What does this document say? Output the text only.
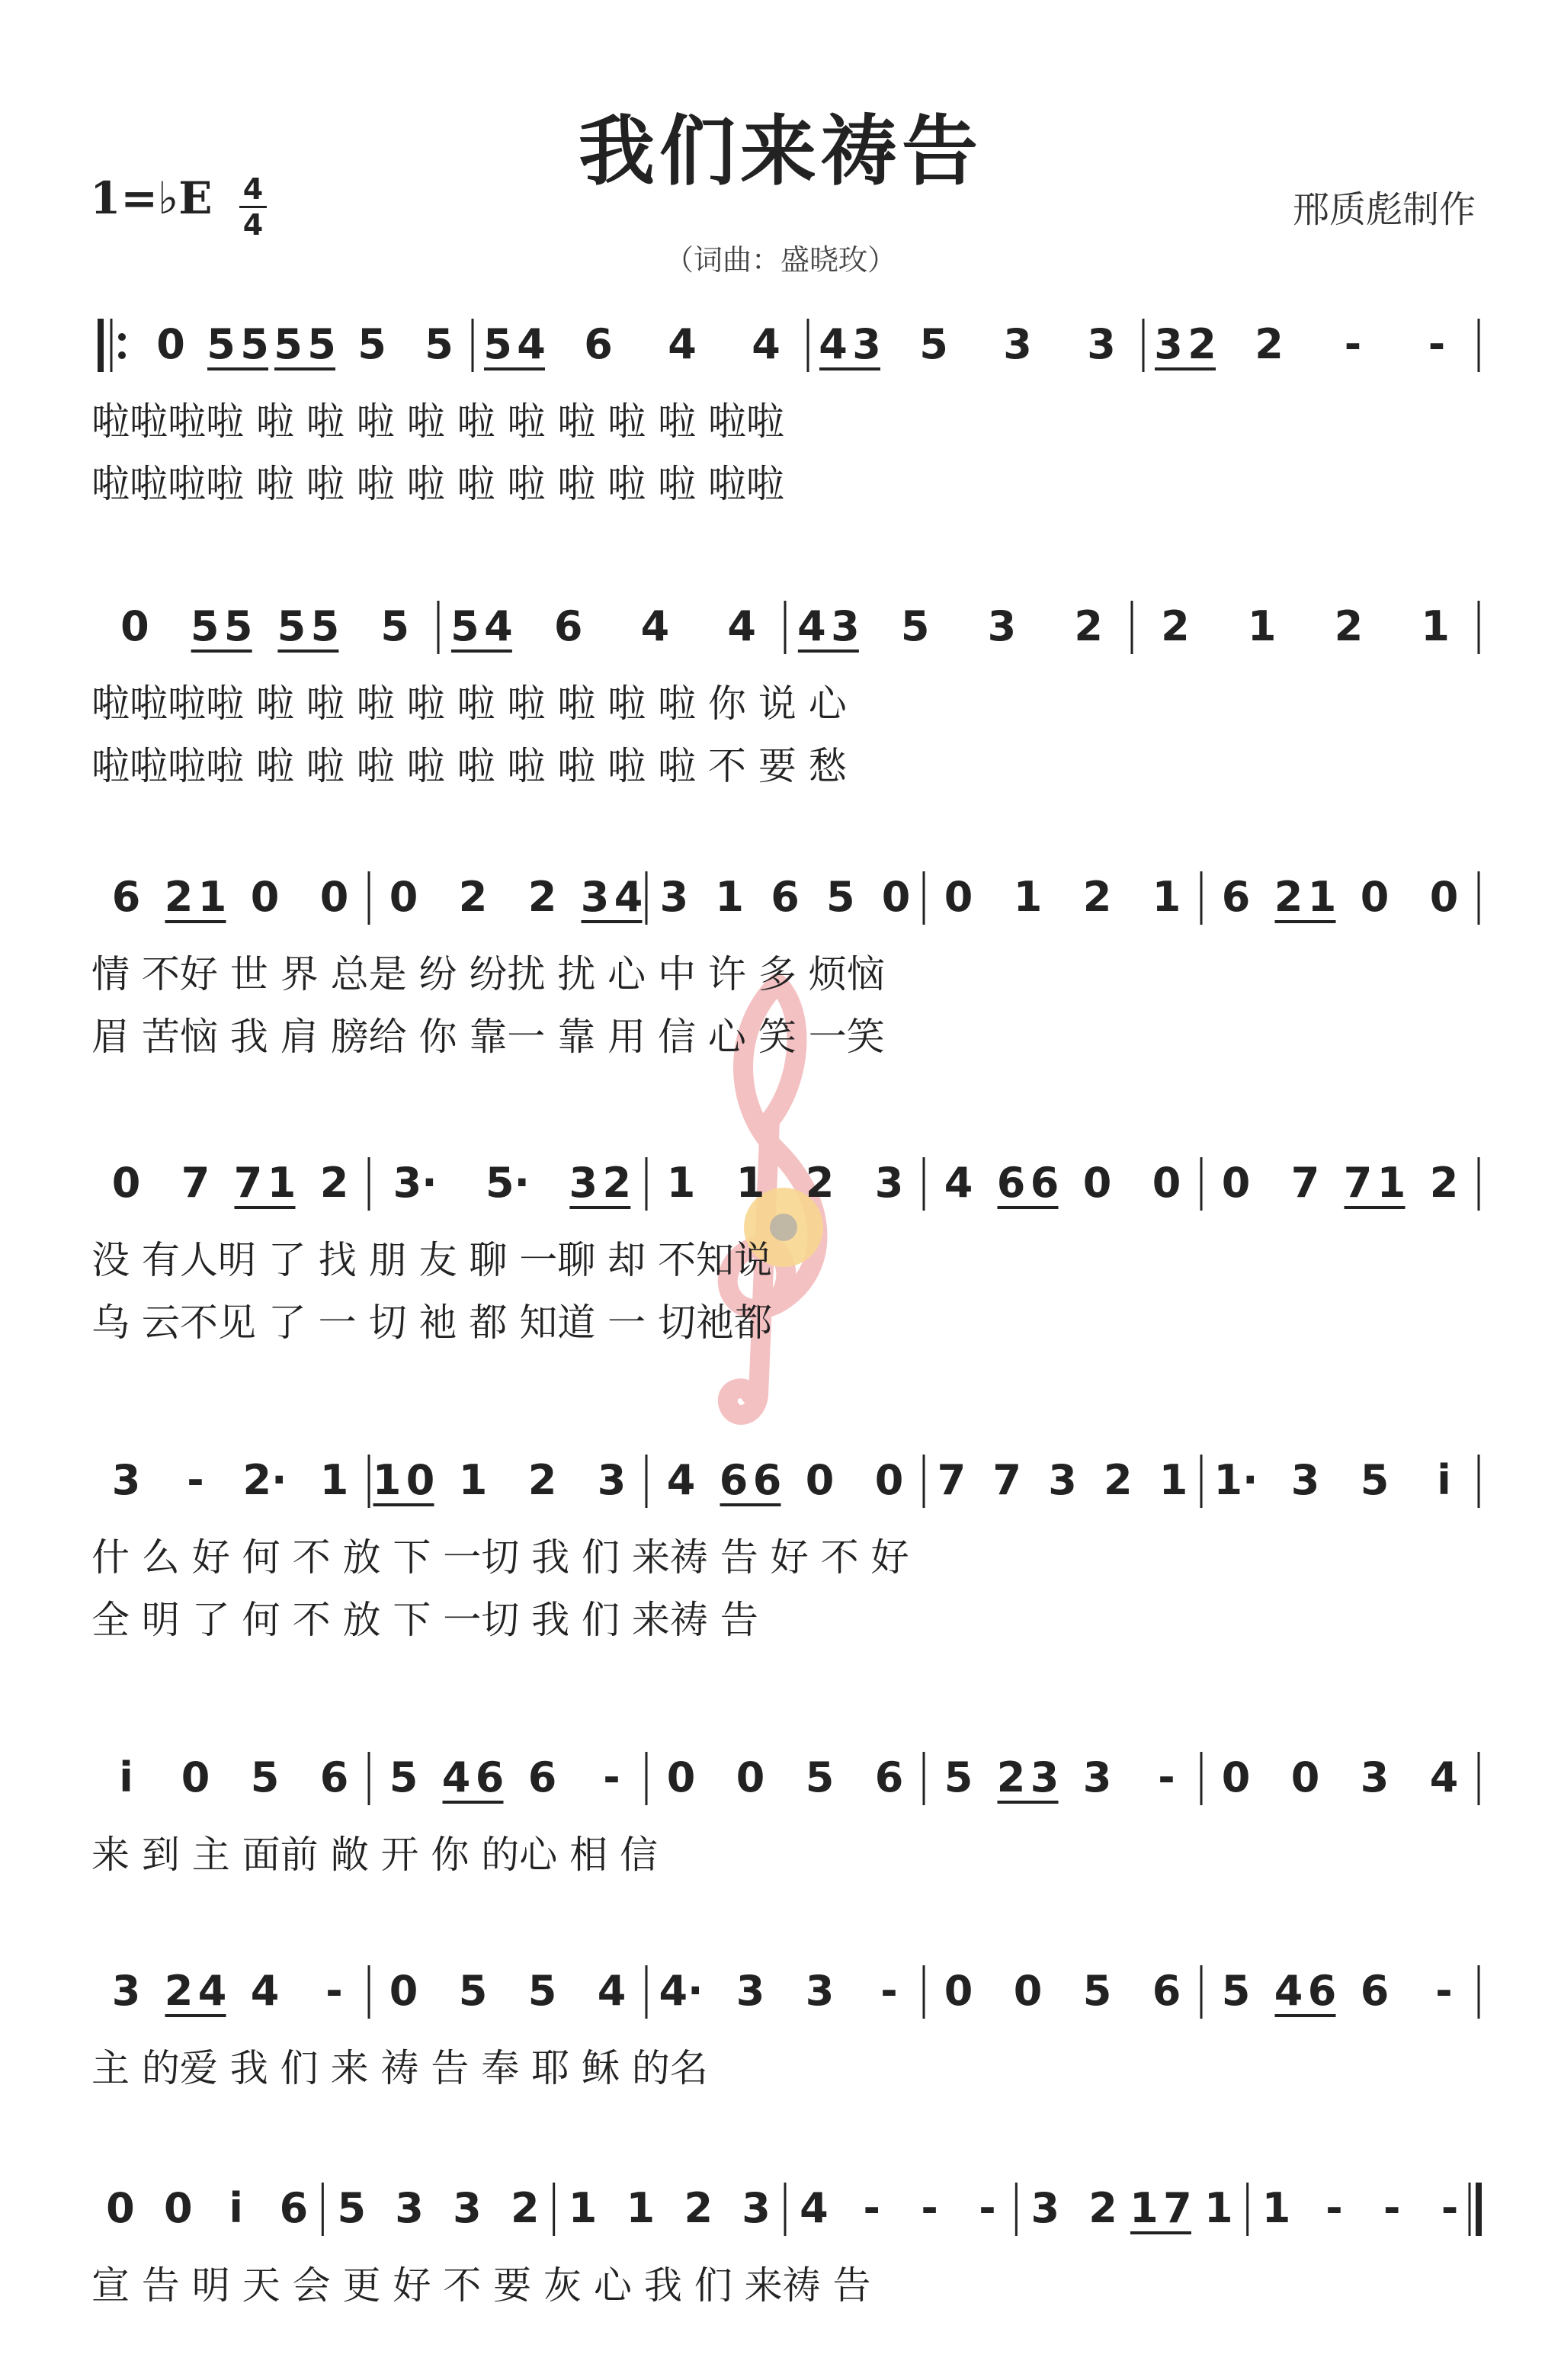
我们来祷告
1=♭E 4
4	邢质彪制作
（词曲：盛晓玫）
0 5 5 5 5 5 5 5 4 6 4 4 4 3 5 3 3 3 2 2 - -
啦啦啦啦 啦 啦 啦 啦 啦 啦 啦 啦 啦 啦啦
啦啦啦啦 啦 啦 啦 啦 啦 啦 啦 啦 啦 啦啦
0 5 5 5 5 5 5 4 6 4 4 4 3 5 3 2 2 1 2 1
啦啦啦啦 啦 啦 啦 啦 啦 啦 啦 啦 啦 你 说 心
啦啦啦啦 啦 啦 啦 啦 啦 啦 啦 啦 啦 不 要 愁
6 2 1 0 0 0 2 2 3 4 3 1 6 5 0 0 1 2 1 6 2 1 0 0
情 不好 世 界 总是 纷 纷扰 扰 心 中 许 多 烦恼
眉 苦恼 我 肩 膀给 你 靠一 靠 用 信 心 笑 一笑
0 7 7 1 2 3· 5· 3 2 1 1 2 3 4 6 6 0 0 0 7 7 1 2
没 有人明 了 找 朋 友 聊 一聊 却 不知说
乌 云不见 了 一 切 祂 都 知道 一 切祂都
3 - 2· 1 1 0 1 2 3 4 6 6 0 0 7 7 3 2 1 1· 3 5 i
什 么 好 何 不 放 下 一切 我 们 来祷 告 好 不 好
全 明 了 何 不 放 下 一切 我 们 来祷 告
i 0 5 6 5 4 6 6 - 0 0 5 6 5 2 3 3 - 0 0 3 4
来 到 主 面前 敞 开 你 的心 相 信
3 2 4 4 - 0 5 5 4 4· 3 3 - 0 0 5 6 5 4 6 6 -
主 的爱 我 们 来 祷 告 奉 耶 稣 的名
0 0 i 6 5 3 3 2 1 1 2 3 4 - - - 3 2 1 7 1 1 - - -
宣 告 明 天 会 更 好 不 要 灰 心 我 们 来祷 告
